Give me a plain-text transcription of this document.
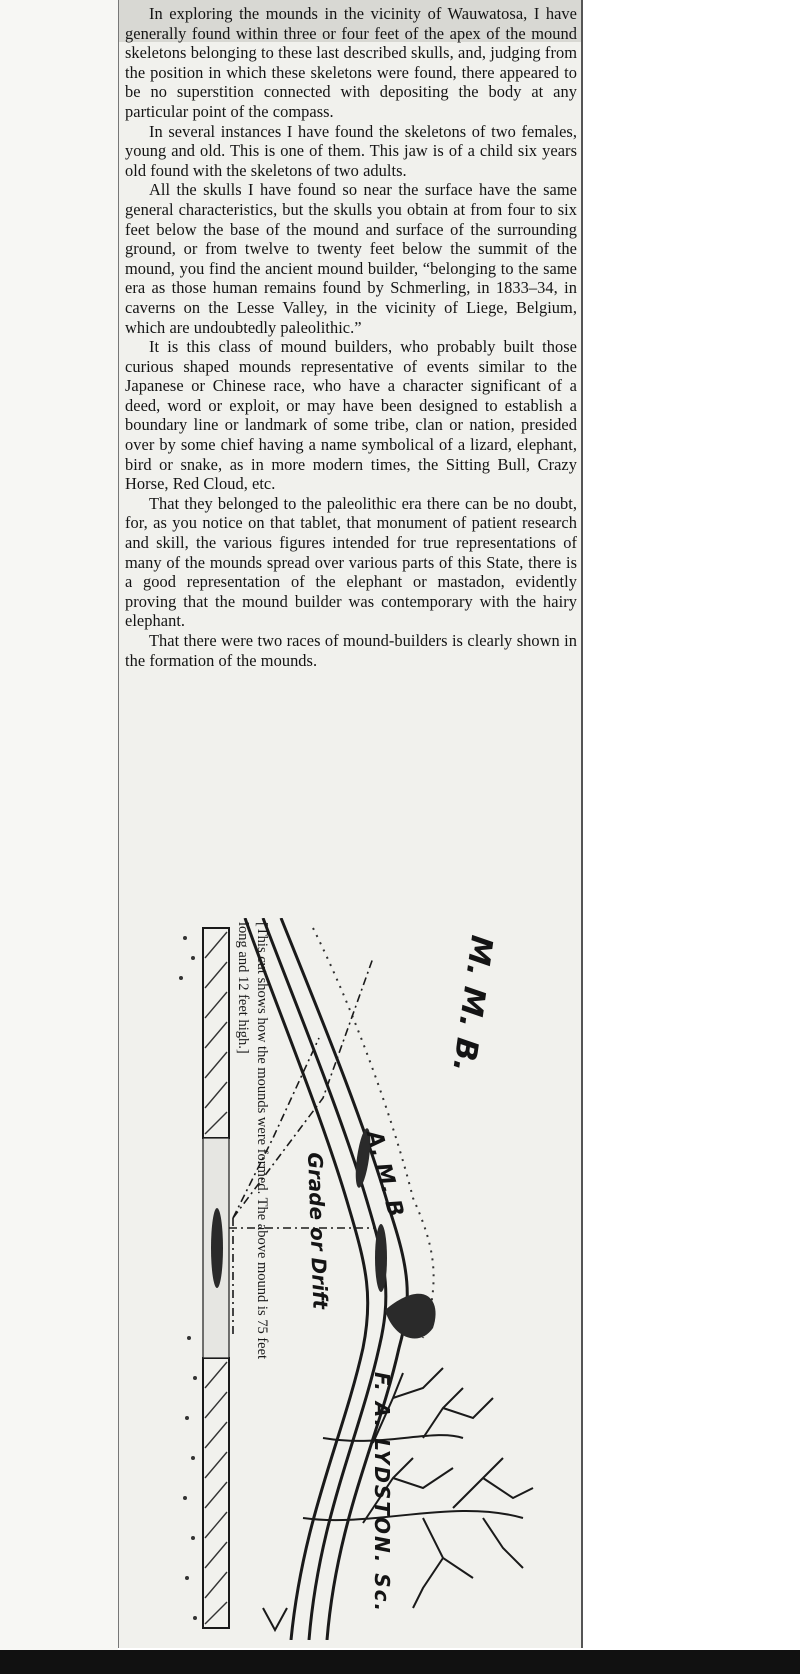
In exploring the mounds in the vicinity of Wauwatosa, I have generally found within three or four feet of the apex of the mound skeletons belonging to these last described skulls, and, judging from the position in which these skeletons were found, there appeared to be no superstition connected with depositing the body at any particular point of the compass.

In several instances I have found the skeletons of two females, young and old. This is one of them. This jaw is of a child six years old found with the skeletons of two adults.

All the skulls I have found so near the surface have the same general characteristics, but the skulls you obtain at from four to six feet below the base of the mound and surface of the surrounding ground, or from twelve to twenty feet below the summit of the mound, you find the ancient mound builder, “belonging to the same era as those human remains found by Schmerling, in 1833–34, in caverns on the Lesse Valley, in the vicinity of Liege, Belgium, which are undoubtedly paleolithic.”

It is this class of mound builders, who probably built those curious shaped mounds representative of events similar to the Japanese or Chinese race, who have a character significant of a deed, word or exploit, or may have been designed to establish a boundary line or landmark of some tribe, clan or nation, presided over by some chief having a name symbolical of a lizard, elephant, bird or snake, as in more modern times, the Sitting Bull, Crazy Horse, Red Cloud, etc.

That they belonged to the paleolithic era there can be no doubt, for, as you notice on that tablet, that monument of patient research and skill, the various figures intended for true representations of many of the mounds spread over various parts of this State, there is a good representation of the elephant or mastadon, evidently proving that the mound builder was contemporary with the hairy elephant.

That there were two races of mound-builders is clearly shown in the formation of the mounds.

[This cut shows how the mounds were formed. The above mound is 75 feet
long and 12 feet high.]	M. M. B.
A. M. B
Grade or Drift
F. A. LYDSTON. Sc.
